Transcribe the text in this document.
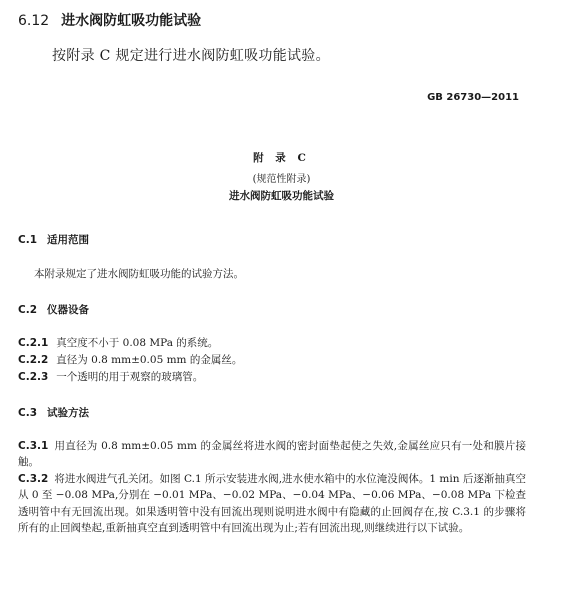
6.12 进水阀防虹吸功能试验
按附录 C 规定进行进水阀防虹吸功能试验。
GB 26730—2011
附 录 C
(规范性附录)
进水阀防虹吸功能试验
C.1 适用范围
本附录规定了进水阀防虹吸功能的试验方法。
C.2 仪器设备
C.2.1 真空度不小于 0.08 MPa 的系统。
C.2.2 直径为 0.8 mm±0.05 mm 的金属丝。
C.2.3 一个透明的用于观察的玻璃管。
C.3 试验方法
C.3.1 用直径为 0.8 mm±0.05 mm 的金属丝将进水阀的密封面垫起使之失效,金属丝应只有一处和膜片接触。
C.3.2 将进水阀进气孔关闭。如图 C.1 所示安装进水阀,进水使水箱中的水位淹没阀体。1 min 后逐渐抽真空从 0 至 −0.08 MPa,分别在 −0.01 MPa、−0.02 MPa、−0.04 MPa、−0.06 MPa、−0.08 MPa 下检查透明管中有无回流出现。如果透明管中没有回流出现则说明进水阀中有隐藏的止回阀存在,按 C.3.1 的步骤将所有的止回阀垫起,重新抽真空直到透明管中有回流出现为止;若有回流出现,则继续进行以下试验。
